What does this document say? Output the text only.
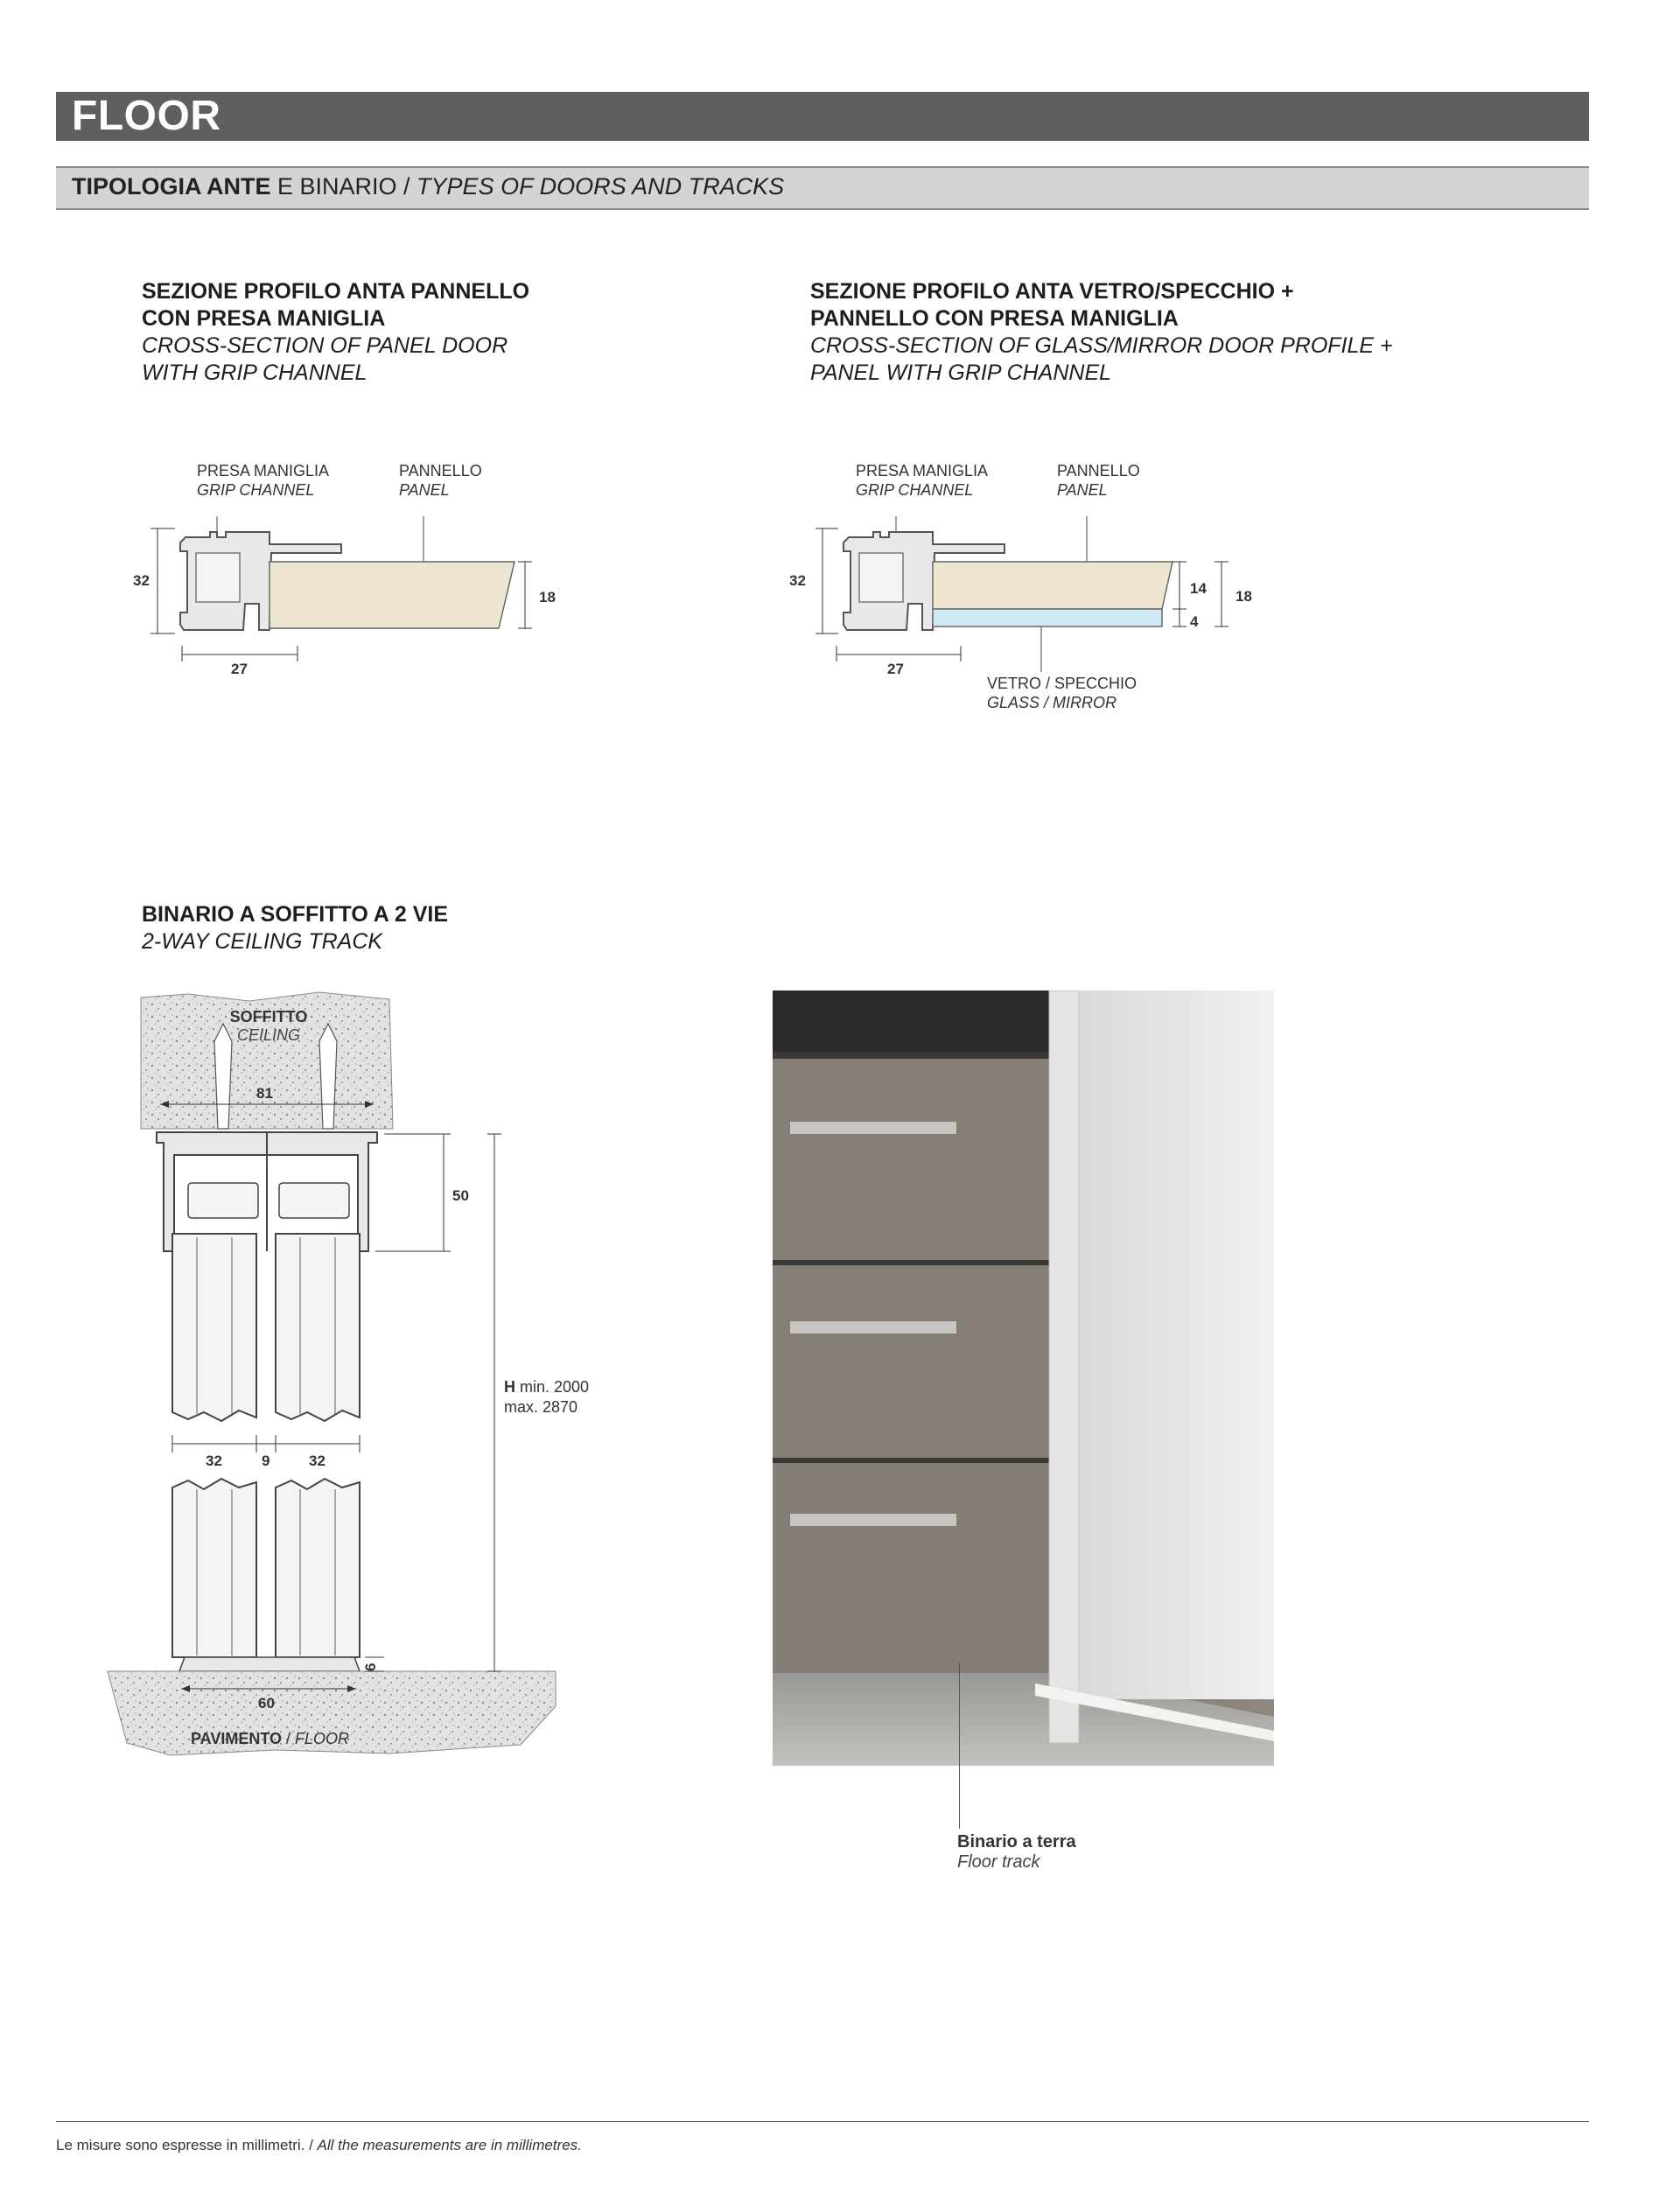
FLOOR
TIPOLOGIA ANTE E BINARIO / TYPES OF DOORS AND TRACKS
SEZIONE PROFILO ANTA PANNELLO
CON PRESA MANIGLIA
CROSS-SECTION OF PANEL DOOR
WITH GRIP CHANNEL
PRESA MANIGLIA
GRIP CHANNEL
PANNELLO
PANEL
32
27
18
SEZIONE PROFILO ANTA VETRO/SPECCHIO +
PANNELLO CON PRESA MANIGLIA
CROSS-SECTION OF GLASS/MIRROR DOOR PROFILE +
PANEL WITH GRIP CHANNEL
PRESA MANIGLIA
GRIP CHANNEL
PANNELLO
PANEL
VETRO / SPECCHIO
GLASS / MIRROR
32
27
14
4
18
BINARIO A SOFFITTO A 2 VIE
2-WAY CEILING TRACK
81
50
32	9	32
6
60
SOFFITTO
CEILING
PAVIMENTO / FLOOR
H min. 2000
max. 2870
Binario a terra
Floor track
Le misure sono espresse in millimetri. / All the measurements are in millimetres.
